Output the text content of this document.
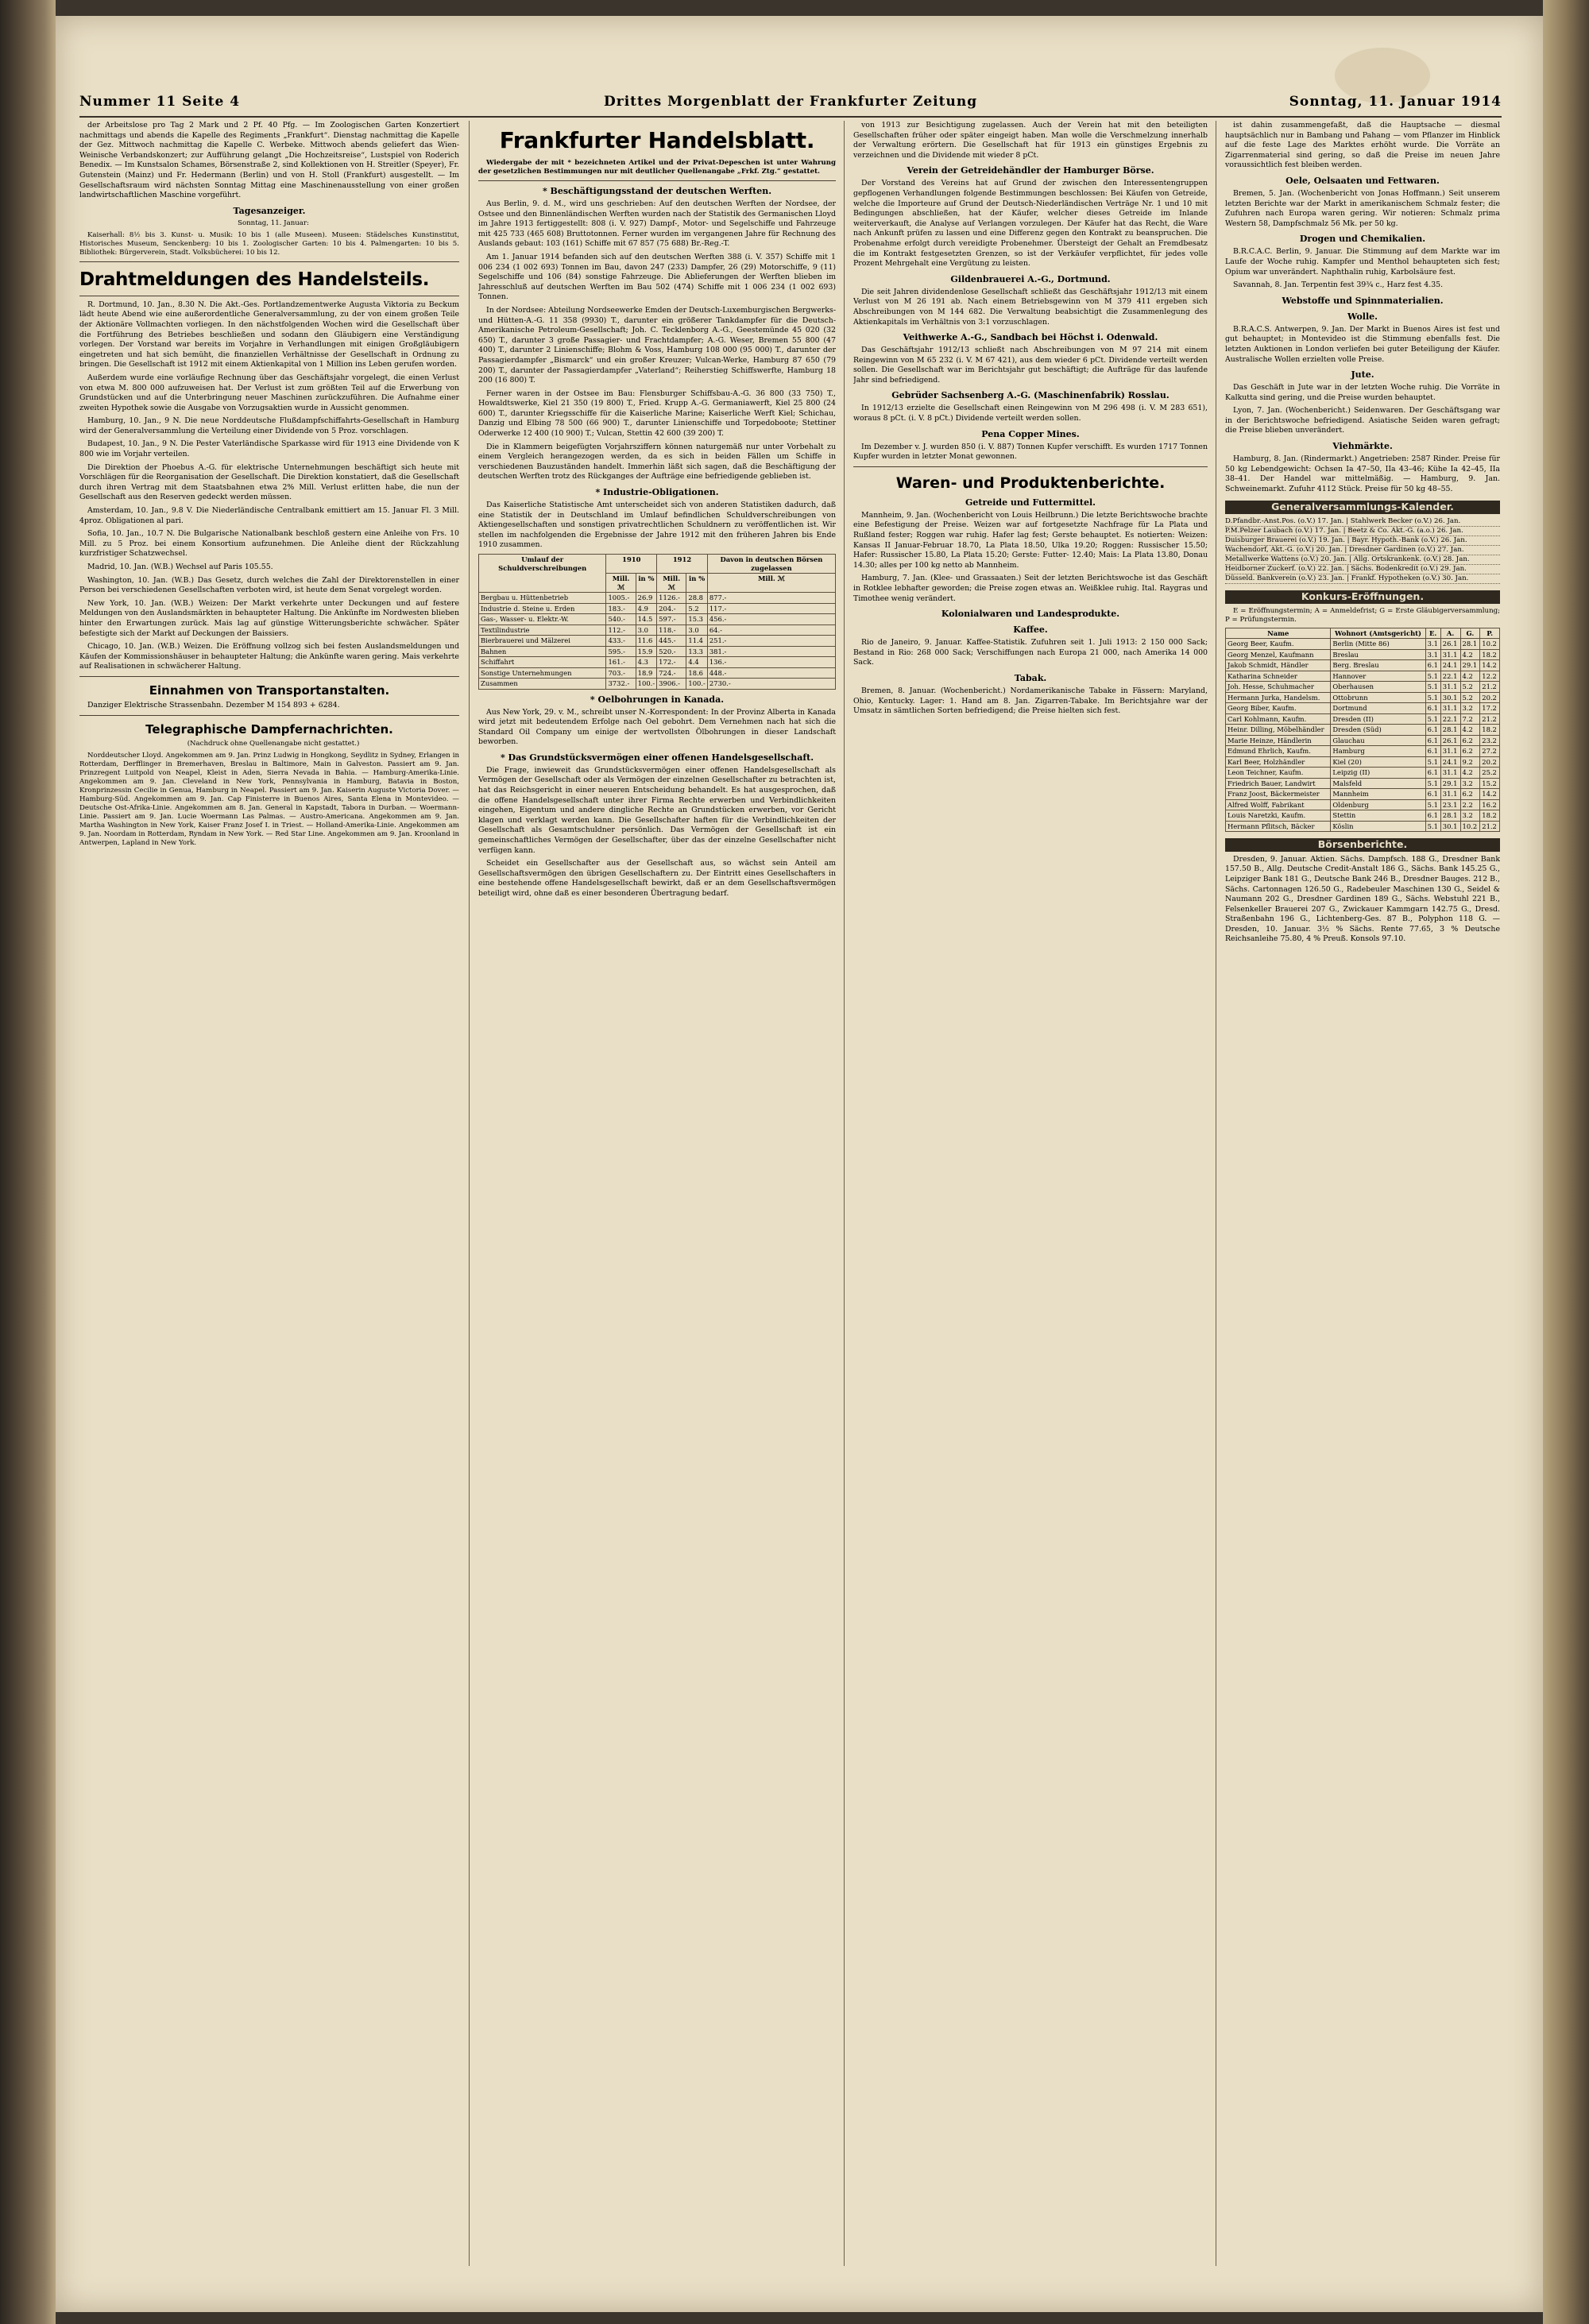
Nummer 11 Seite 4	Drittes Morgenblatt der Frankfurter Zeitung	Sonntag, 11. Januar 1914

der Arbeitslose pro Tag 2 Mark und 2 Pf. 40 Pfg. — Im Zoologischen Garten Konzertiert nachmittags und abends die Kapelle des Regiments „Frankfurt“. Dienstag nachmittag die Kapelle der Gez. Mittwoch nachmittag die Kapelle C. Werbeke. Mittwoch abends geliefert das Wien-Weinische Verbandskonzert; zur Aufführung gelangt „Die Hochzeitsreise“, Lustspiel von Roderich Benedix. — Im Kunstsalon Schames, Börsenstraße 2, sind Kollektionen von H. Streitler (Speyer), Fr. Gutenstein (Mainz) und Fr. Hedermann (Berlin) und von H. Stoll (Frankfurt) ausgestellt. — Im Gesellschaftsraum wird nächsten Sonntag Mittag eine Maschinenausstellung von einer großen landwirtschaftlichen Maschine vorgeführt.

Tagesanzeiger.

Sonntag, 11. Januar:

Kaiserhall: 8½ bis 3. Kunst- u. Musik: 10 bis 1 (alle Museen). Museen: Städelsches Kunstinstitut, Historisches Museum, Senckenberg: 10 bis 1. Zoologischer Garten: 10 bis 4. Palmengarten: 10 bis 5. Bibliothek: Bürgerverein, Stadt. Volksbücherei: 10 bis 12.

Drahtmeldungen des Handelsteils.

R. Dortmund, 10. Jan., 8.30 N. Die Akt.-Ges. Portlandzementwerke Augusta Viktoria zu Beckum lädt heute Abend wie eine außerordentliche Generalversammlung, zu der von einem großen Teile der Aktionäre Vollmachten vorliegen. In den nächstfolgenden Wochen wird die Gesellschaft über die Fortführung des Betriebes beschließen und sodann den Gläubigern eine Verständigung vorlegen. Der Vorstand war bereits im Vorjahre in Verhandlungen mit einigen Großgläubigern eingetreten und hat sich bemüht, die finanziellen Verhältnisse der Gesellschaft in Ordnung zu bringen. Die Gesellschaft ist 1912 mit einem Aktienkapital von 1 Million ins Leben gerufen worden.

Außerdem wurde eine vorläufige Rechnung über das Geschäftsjahr vorgelegt, die einen Verlust von etwa M. 800 000 aufzuweisen hat. Der Verlust ist zum größten Teil auf die Erwerbung von Grundstücken und auf die Unterbringung neuer Maschinen zurückzuführen. Die Aufnahme einer zweiten Hypothek sowie die Ausgabe von Vorzugsaktien wurde in Aussicht genommen.

Hamburg, 10. Jan., 9 N. Die neue Norddeutsche Flußdampfschiffahrts-Gesellschaft in Hamburg wird der Generalversammlung die Verteilung einer Dividende von 5 Proz. vorschlagen.

Budapest, 10. Jan., 9 N. Die Pester Vaterländische Sparkasse wird für 1913 eine Dividende von K 800 wie im Vorjahr verteilen.

Die Direktion der Phoebus A.-G. für elektrische Unternehmungen beschäftigt sich heute mit Vorschlägen für die Reorganisation der Gesellschaft. Die Direktion konstatiert, daß die Gesellschaft durch ihren Vertrag mit dem Staatsbahnen etwa 2% Mill. Verlust erlitten habe, die nun der Gesellschaft aus den Reserven gedeckt werden müssen.

Amsterdam, 10. Jan., 9.8 V. Die Niederländische Centralbank emittiert am 15. Januar Fl. 3 Mill. 4proz. Obligationen al pari.

Sofia, 10. Jan., 10.7 N. Die Bulgarische Nationalbank beschloß gestern eine Anleihe von Frs. 10 Mill. zu 5 Proz. bei einem Konsortium aufzunehmen. Die Anleihe dient der Rückzahlung kurzfristiger Schatzwechsel.

Madrid, 10. Jan. (W.B.) Wechsel auf Paris 105.55.

Washington, 10. Jan. (W.B.) Das Gesetz, durch welches die Zahl der Direktorenstellen in einer Person bei verschiedenen Gesellschaften verboten wird, ist heute dem Senat vorgelegt worden.

New York, 10. Jan. (W.B.) Weizen: Der Markt verkehrte unter Deckungen und auf festere Meldungen von den Auslandsmärkten in behaupteter Haltung. Die Ankünfte im Nordwesten blieben hinter den Erwartungen zurück. Mais lag auf günstige Witterungsberichte schwächer. Später befestigte sich der Markt auf Deckungen der Baissiers.

Chicago, 10. Jan. (W.B.) Weizen. Die Eröffnung vollzog sich bei festen Auslandsmeldungen und Käufen der Kommissionshäuser in behaupteter Haltung; die Ankünfte waren gering. Mais verkehrte auf Realisationen in schwächerer Haltung.

Einnahmen von Transportanstalten.

Danziger Elektrische Strassenbahn. Dezember M 154 893 + 6284.

Telegraphische Dampfernachrichten.

(Nachdruck ohne Quellenangabe nicht gestattet.)

Norddeutscher Lloyd. Angekommen am 9. Jan. Prinz Ludwig in Hongkong, Seydlitz in Sydney, Erlangen in Rotterdam, Derfflinger in Bremerhaven, Breslau in Baltimore, Main in Galveston. Passiert am 9. Jan. Prinzregent Luitpold von Neapel, Kleist in Aden, Sierra Nevada in Bahia. — Hamburg-Amerika-Linie. Angekommen am 9. Jan. Cleveland in New York, Pennsylvania in Hamburg, Batavia in Boston, Kronprinzessin Cecilie in Genua, Hamburg in Neapel. Passiert am 9. Jan. Kaiserin Auguste Victoria Dover. — Hamburg-Süd. Angekommen am 9. Jan. Cap Finisterre in Buenos Aires, Santa Elena in Montevideo. — Deutsche Ost-Afrika-Linie. Angekommen am 8. Jan. General in Kapstadt, Tabora in Durban. — Woermann-Linie. Passiert am 9. Jan. Lucie Woermann Las Palmas. — Austro-Americana. Angekommen am 9. Jan. Martha Washington in New York, Kaiser Franz Josef I. in Triest. — Holland-Amerika-Linie. Angekommen am 9. Jan. Noordam in Rotterdam, Ryndam in New York. — Red Star Line. Angekommen am 9. Jan. Kroonland in Antwerpen, Lapland in New York.

Frankfurter Handelsblatt.

Wiedergabe der mit * bezeichneten Artikel und der Privat-Depeschen ist unter Wahrung der gesetzlichen Bestimmungen nur mit deutlicher Quellenangabe „Frkf. Ztg.“ gestattet.

* Beschäftigungsstand der deutschen Werften.

Aus Berlin, 9. d. M., wird uns geschrieben: Auf den deutschen Werften der Nordsee, der Ostsee und den Binnenländischen Werften wurden nach der Statistik des Germanischen Lloyd im Jahre 1913 fertiggestellt: 808 (i. V. 927) Dampf-, Motor- und Segelschiffe und Fahrzeuge mit 425 733 (465 608) Bruttotonnen. Ferner wurden im vergangenen Jahre für Rechnung des Auslands gebaut: 103 (161) Schiffe mit 67 857 (75 688) Br.-Reg.-T.

Am 1. Januar 1914 befanden sich auf den deutschen Werften 388 (i. V. 357) Schiffe mit 1 006 234 (1 002 693) Tonnen im Bau, davon 247 (233) Dampfer, 26 (29) Motorschiffe, 9 (11) Segelschiffe und 106 (84) sonstige Fahrzeuge. Die Ablieferungen der Werften blieben im Jahresschluß auf deutschen Werften im Bau 502 (474) Schiffe mit 1 006 234 (1 002 693) Tonnen.

In der Nordsee: Abteilung Nordseewerke Emden der Deutsch-Luxemburgischen Bergwerks- und Hütten-A.-G. 11 358 (9930) T., darunter ein größerer Tankdampfer für die Deutsch-Amerikanische Petroleum-Gesellschaft; Joh. C. Tecklenborg A.-G., Geestemünde 45 020 (32 650) T., darunter 3 große Passagier- und Frachtdampfer; A.-G. Weser, Bremen 55 800 (47 400) T., darunter 2 Linienschiffe; Blohm & Voss, Hamburg 108 000 (95 000) T., darunter der Passagierdampfer „Bismarck“ und ein großer Kreuzer; Vulcan-Werke, Hamburg 87 650 (79 200) T., darunter der Passagierdampfer „Vaterland“; Reiherstieg Schiffswerfte, Hamburg 18 200 (16 800) T.

Ferner waren in der Ostsee im Bau: Flensburger Schiffsbau-A.-G. 36 800 (33 750) T., Howaldtswerke, Kiel 21 350 (19 800) T., Fried. Krupp A.-G. Germaniawerft, Kiel 25 800 (24 600) T., darunter Kriegsschiffe für die Kaiserliche Marine; Kaiserliche Werft Kiel; Schichau, Danzig und Elbing 78 500 (66 900) T., darunter Linienschiffe und Torpedoboote; Stettiner Oderwerke 12 400 (10 900) T.; Vulcan, Stettin 42 600 (39 200) T.

Die in Klammern beigefügten Vorjahrsziffern können naturgemäß nur unter Vorbehalt zu einem Vergleich herangezogen werden, da es sich in beiden Fällen um Schiffe in verschiedenen Bauzuständen handelt. Immerhin läßt sich sagen, daß die Beschäftigung der deutschen Werften trotz des Rückganges der Aufträge eine befriedigende geblieben ist.

* Industrie-Obligationen.

Das Kaiserliche Statistische Amt unterscheidet sich von anderen Statistiken dadurch, daß eine Statistik der in Deutschland im Umlauf befindlichen Schuldverschreibungen von Aktiengesellschaften und sonstigen privatrechtlichen Schuldnern zu veröffentlichen ist. Wir stellen im nachfolgenden die Ergebnisse der Jahre 1912 mit den früheren Jahren bis Ende 1910 zusammen.

Umlauf der Schuldverschreibungen	1910		1912		Davon in deutschen Börsen zugelassen
	Mill. ℳ	in %	Mill. ℳ	in %	Mill. ℳ
Bergbau u. Hüttenbetrieb	1005.-	26.9	1126.-	28.8	877.-
Industrie d. Steine u. Erden	183.-	4.9	204.-	5.2	117.-
Gas-, Wasser- u. Elektr.-W.	540.-	14.5	597.-	15.3	456.-
Textilindustrie	112.-	3.0	118.-	3.0	64.-
Bierbrauerei und Mälzerei	433.-	11.6	445.-	11.4	251.-
Bahnen	595.-	15.9	520.-	13.3	381.-
Schiffahrt	161.-	4.3	172.-	4.4	136.-
Sonstige Unternehmungen	703.-	18.9	724.-	18.6	448.-
Zusammen	3732.-	100.-	3906.-	100.-	2730.-
* Oelbohrungen in Kanada.

Aus New York, 29. v. M., schreibt unser N.-Korrespondent: In der Provinz Alberta in Kanada wird jetzt mit bedeutendem Erfolge nach Oel gebohrt. Dem Vernehmen nach hat sich die Standard Oil Company um einige der wertvollsten Ölbohrungen in dieser Landschaft beworben.

* Das Grundstücksvermögen einer offenen Handelsgesellschaft.

Die Frage, inwieweit das Grundstücksvermögen einer offenen Handelsgesellschaft als Vermögen der Gesellschaft oder als Vermögen der einzelnen Gesellschafter zu betrachten ist, hat das Reichsgericht in einer neueren Entscheidung behandelt. Es hat ausgesprochen, daß die offene Handelsgesellschaft unter ihrer Firma Rechte erwerben und Verbindlichkeiten eingehen, Eigentum und andere dingliche Rechte an Grundstücken erwerben, vor Gericht klagen und verklagt werden kann. Die Gesellschafter haften für die Verbindlichkeiten der Gesellschaft als Gesamtschuldner persönlich. Das Vermögen der Gesellschaft ist ein gemeinschaftliches Vermögen der Gesellschafter, über das der einzelne Gesellschafter nicht verfügen kann.

Scheidet ein Gesellschafter aus der Gesellschaft aus, so wächst sein Anteil am Gesellschaftsvermögen den übrigen Gesellschaftern zu. Der Eintritt eines Gesellschafters in eine bestehende offene Handelsgesellschaft bewirkt, daß er an dem Gesellschaftsvermögen beteiligt wird, ohne daß es einer besonderen Übertragung bedarf.

von 1913 zur Besichtigung zugelassen. Auch der Verein hat mit den beteiligten Gesellschaften früher oder später eingeigt haben. Man wolle die Verschmelzung innerhalb der Verwaltung erörtern. Die Gesellschaft hat für 1913 ein günstiges Ergebnis zu verzeichnen und die Dividende mit wieder 8 pCt.

Verein der Getreidehändler der Hamburger Börse.

Der Vorstand des Vereins hat auf Grund der zwischen den Interessentengruppen gepflogenen Verhandlungen folgende Bestimmungen beschlossen: Bei Käufen von Getreide, welche die Importeure auf Grund der Deutsch-Niederländischen Verträge Nr. 1 und 10 mit Bedingungen abschließen, hat der Käufer, welcher dieses Getreide im Inlande weiterverkauft, die Analyse auf Verlangen vorzulegen. Der Käufer hat das Recht, die Ware nach Ankunft prüfen zu lassen und eine Differenz gegen den Kontrakt zu beanspruchen. Die Probenahme erfolgt durch vereidigte Probenehmer. Übersteigt der Gehalt an Fremdbesatz die im Kontrakt festgesetzten Grenzen, so ist der Verkäufer verpflichtet, für jedes volle Prozent Mehrgehalt eine Vergütung zu leisten.

Gildenbrauerei A.-G., Dortmund.

Die seit Jahren dividendenlose Gesellschaft schließt das Geschäftsjahr 1912/13 mit einem Verlust von M 26 191 ab. Nach einem Betriebsgewinn von M 379 411 ergeben sich Abschreibungen von M 144 682. Die Verwaltung beabsichtigt die Zusammenlegung des Aktienkapitals im Verhältnis von 3:1 vorzuschlagen.

Veithwerke A.-G., Sandbach bei Höchst i. Odenwald.

Das Geschäftsjahr 1912/13 schließt nach Abschreibungen von M 97 214 mit einem Reingewinn von M 65 232 (i. V. M 67 421), aus dem wieder 6 pCt. Dividende verteilt werden sollen. Die Gesellschaft war im Berichtsjahr gut beschäftigt; die Aufträge für das laufende Jahr sind befriedigend.

Gebrüder Sachsenberg A.-G. (Maschinenfabrik) Rosslau.

In 1912/13 erzielte die Gesellschaft einen Reingewinn von M 296 498 (i. V. M 283 651), woraus 8 pCt. (i. V. 8 pCt.) Dividende verteilt werden sollen.

Pena Copper Mines.

Im Dezember v. J. wurden 850 (i. V. 887) Tonnen Kupfer verschifft. Es wurden 1717 Tonnen Kupfer wurden in letzter Monat gewonnen.

Waren- und Produktenberichte.
Getreide und Futtermittel.

Mannheim, 9. Jan. (Wochenbericht von Louis Heilbrunn.) Die letzte Berichtswoche brachte eine Befestigung der Preise. Weizen war auf fortgesetzte Nachfrage für La Plata und Rußland fester; Roggen war ruhig. Hafer lag fest; Gerste behauptet. Es notierten: Weizen: Kansas II Januar-Februar 18.70, La Plata 18.50, Ulka 19.20; Roggen: Russischer 15.50; Hafer: Russischer 15.80, La Plata 15.20; Gerste: Futter- 12.40; Mais: La Plata 13.80, Donau 14.30; alles per 100 kg netto ab Mannheim.

Hamburg, 7. Jan. (Klee- und Grassaaten.) Seit der letzten Berichtswoche ist das Geschäft in Rotklee lebhafter geworden; die Preise zogen etwas an. Weißklee ruhig. Ital. Raygras und Timothee wenig verändert.

Kolonialwaren und Landesprodukte.
Kaffee.

Rio de Janeiro, 9. Januar. Kaffee-Statistik. Zufuhren seit 1. Juli 1913: 2 150 000 Sack; Bestand in Rio: 268 000 Sack; Verschiffungen nach Europa 21 000, nach Amerika 14 000 Sack.

Tabak.

Bremen, 8. Januar. (Wochenbericht.) Nordamerikanische Tabake in Fässern: Maryland, Ohio, Kentucky. Lager: 1. Hand am 8. Jan. Zigarren-Tabake. Im Berichtsjahre war der Umsatz in sämtlichen Sorten befriedigend; die Preise hielten sich fest.

ist dahin zusammengefaßt, daß die Hauptsache — diesmal hauptsächlich nur in Bambang und Pahang — vom Pflanzer im Hinblick auf die feste Lage des Marktes erhöht wurde. Die Vorräte an Zigarrenmaterial sind gering, so daß die Preise im neuen Jahre voraussichtlich fest bleiben werden.

Oele, Oelsaaten und Fettwaren.

Bremen, 5. Jan. (Wochenbericht von Jonas Hoffmann.) Seit unserem letzten Berichte war der Markt in amerikanischem Schmalz fester; die Zufuhren nach Europa waren gering. Wir notieren: Schmalz prima Western 58, Dampfschmalz 56 Mk. per 50 kg.

Drogen und Chemikalien.

B.R.C.A.C. Berlin, 9. Januar. Die Stimmung auf dem Markte war im Laufe der Woche ruhig. Kampfer und Menthol behaupteten sich fest; Opium war unverändert. Naphthalin ruhig, Karbolsäure fest.

Savannah, 8. Jan. Terpentin fest 39¾ c., Harz fest 4.35.

Webstoffe und Spinnmaterialien.
Wolle.

B.R.A.C.S. Antwerpen, 9. Jan. Der Markt in Buenos Aires ist fest und gut behauptet; in Montevideo ist die Stimmung ebenfalls fest. Die letzten Auktionen in London verliefen bei guter Beteiligung der Käufer. Australische Wollen erzielten volle Preise.

Jute.

Das Geschäft in Jute war in der letzten Woche ruhig. Die Vorräte in Kalkutta sind gering, und die Preise wurden behauptet.

Lyon, 7. Jan. (Wochenbericht.) Seidenwaren. Der Geschäftsgang war in der Berichtswoche befriedigend. Asiatische Seiden waren gefragt; die Preise blieben unverändert.

Viehmärkte.

Hamburg, 8. Jan. (Rindermarkt.) Angetrieben: 2587 Rinder. Preise für 50 kg Lebendgewicht: Ochsen Ia 47–50, IIa 43–46; Kühe Ia 42–45, IIa 38–41. Der Handel war mittelmäßig. — Hamburg, 9. Jan. Schweinemarkt. Zufuhr 4112 Stück. Preise für 50 kg 48–55.

Generalversammlungs-Kalender.
D.Pfandbr.-Anst.Pos. (o.V.) 17. Jan. | Stahlwerk Becker (o.V.) 26. Jan.
P.M.Pelzer Laubach (o.V.) 17. Jan. | Beetz & Co. Akt.-G. (a.o.) 26. Jan.
Duisburger Brauerei (o.V.) 19. Jan. | Bayr. Hypoth.-Bank (o.V.) 26. Jan.
Wachendorf, Akt.-G. (o.V.) 20. Jan. | Dresdner Gardinen (o.V.) 27. Jan.
Metallwerke Wattens (o.V.) 20. Jan. | Allg. Ortskrankenk. (o.V.) 28. Jan.
Heidborner Zuckerf. (o.V.) 22. Jan. | Sächs. Bodenkredit (o.V.) 29. Jan.
Düsseld. Bankverein (o.V.) 23. Jan. | Frankf. Hypotheken (o.V.) 30. Jan.
Konkurs-Eröffnungen.

E = Eröffnungstermin; A = Anmeldefrist; G = Erste Gläubigerversammlung; P = Prüfungstermin.

Name	Wohnort (Amtsgericht)	E.	A.	G.	P.
Georg Beer, Kaufm.	Berlin (Mitte 86)	3.1	26.1	28.1	10.2
Georg Menzel, Kaufmann	Breslau	3.1	31.1	4.2	18.2
Jakob Schmidt, Händler	Berg. Breslau	6.1	24.1	29.1	14.2
Katharina Schneider	Hannover	5.1	22.1	4.2	12.2
Joh. Hesse, Schuhmacher	Oberhausen	5.1	31.1	5.2	21.2
Hermann Jurka, Handelsm.	Ottobrunn	5.1	30.1	5.2	20.2
Georg Biber, Kaufm.	Dortmund	6.1	31.1	3.2	17.2
Carl Kohlmann, Kaufm.	Dresden (II)	5.1	22.1	7.2	21.2
Heinr. Dilling, Möbelhändler	Dresden (Süd)	6.1	28.1	4.2	18.2
Marie Heinze, Händlerin	Glauchau	6.1	26.1	6.2	23.2
Edmund Ehrlich, Kaufm.	Hamburg	6.1	31.1	6.2	27.2
Karl Beer, Holzhändler	Kiel (20)	5.1	24.1	9.2	20.2
Leon Teichner, Kaufm.	Leipzig (II)	6.1	31.1	4.2	25.2
Friedrich Bauer, Landwirt	Malsfeld	5.1	29.1	3.2	15.2
Franz Joost, Bäckermeister	Mannheim	6.1	31.1	6.2	14.2
Alfred Wolff, Fabrikant	Oldenburg	5.1	23.1	2.2	16.2
Louis Naretzki, Kaufm.	Stettin	6.1	28.1	3.2	18.2
Hermann Pflitsch, Bäcker	Köslin	5.1	30.1	10.2	21.2
Börsenberichte.

Dresden, 9. Januar. Aktien. Sächs. Dampfsch. 188 G., Dresdner Bank 157.50 B., Allg. Deutsche Credit-Anstalt 186 G., Sächs. Bank 145.25 G., Leipziger Bank 181 G., Deutsche Bank 246 B., Dresdner Bauges. 212 B., Sächs. Cartonnagen 126.50 G., Radebeuler Maschinen 130 G., Seidel & Naumann 202 G., Dresdner Gardinen 189 G., Sächs. Webstuhl 221 B., Felsenkeller Brauerei 207 G., Zwickauer Kammgarn 142.75 G., Dresd. Straßenbahn 196 G., Lichtenberg-Ges. 87 B., Polyphon 118 G. — Dresden, 10. Januar. 3½ % Sächs. Rente 77.65, 3 % Deutsche Reichsanleihe 75.80, 4 % Preuß. Konsols 97.10.
